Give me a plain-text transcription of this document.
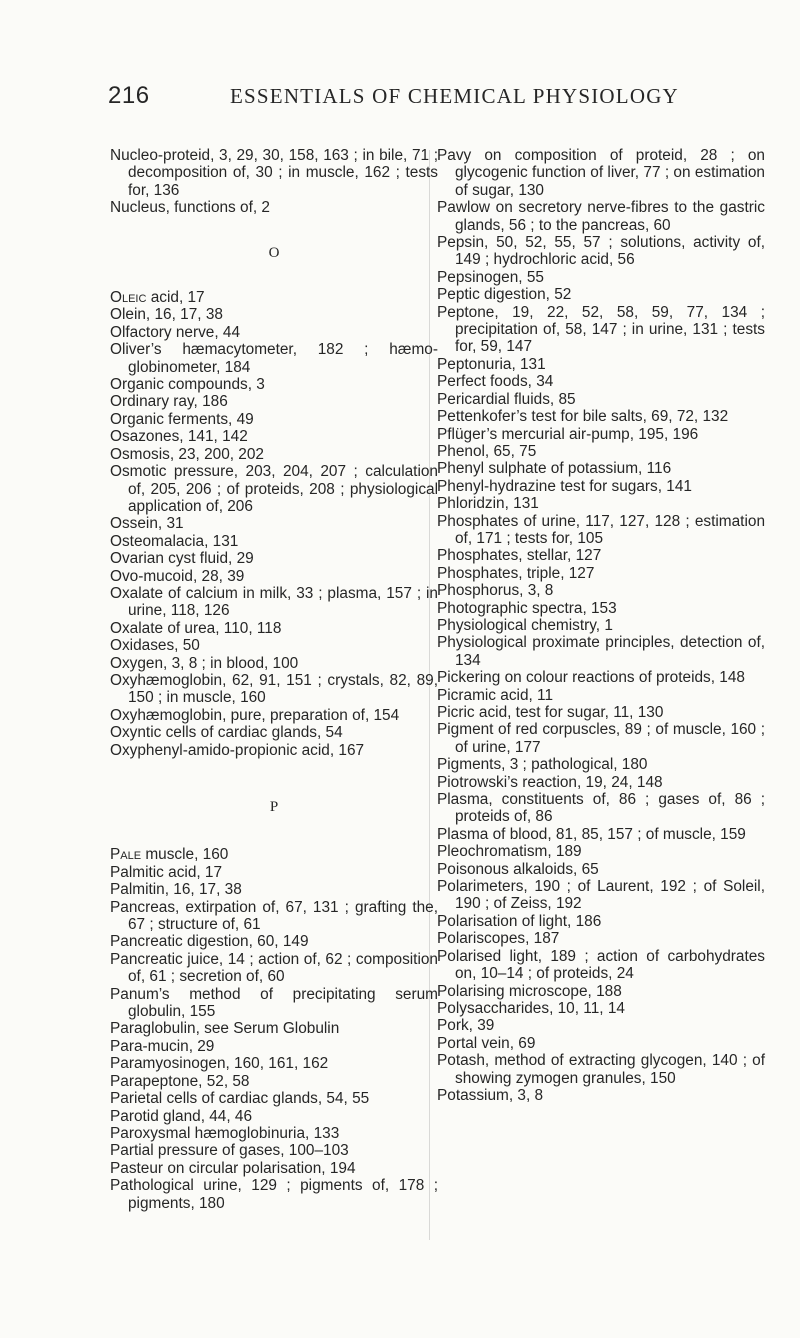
216	ESSENTIALS OF CHEMICAL PHYSIOLOGY
Nucleo-proteid, 3, 29, 30, 158, 163 ; in bile, 71 ; decomposition of, 30 ; in muscle, 162 ; tests for, 136
Nucleus, functions of, 2
O
Oleic acid, 17
Olein, 16, 17, 38
Olfactory nerve, 44
Oliver’s hæmacytometer, 182 ; hæmoglobinometer, 184
Organic compounds, 3
Ordinary ray, 186
Organic ferments, 49
Osazones, 141, 142
Osmosis, 23, 200, 202
Osmotic pressure, 203, 204, 207 ; calculation of, 205, 206 ; of proteids, 208 ; physiological application of, 206
Ossein, 31
Osteomalacia, 131
Ovarian cyst fluid, 29
Ovo-mucoid, 28, 39
Oxalate of calcium in milk, 33 ; plasma, 157 ; in urine, 118, 126
Oxalate of urea, 110, 118
Oxidases, 50
Oxygen, 3, 8 ; in blood, 100
Oxyhæmoglobin, 62, 91, 151 ; crystals, 82, 89, 150 ; in muscle, 160
Oxyhæmoglobin, pure, preparation of, 154
Oxyntic cells of cardiac glands, 54
Oxyphenyl-amido-propionic acid, 167
P
Pale muscle, 160
Palmitic acid, 17
Palmitin, 16, 17, 38
Pancreas, extirpation of, 67, 131 ; grafting the, 67 ; structure of, 61
Pancreatic digestion, 60, 149
Pancreatic juice, 14 ; action of, 62 ; composition of, 61 ; secretion of, 60
Panum’s method of precipitating serum globulin, 155
Paraglobulin, see Serum Globulin
Para-mucin, 29
Paramyosinogen, 160, 161, 162
Parapeptone, 52, 58
Parietal cells of cardiac glands, 54, 55
Parotid gland, 44, 46
Paroxysmal hæmoglobinuria, 133
Partial pressure of gases, 100–103
Pasteur on circular polarisation, 194
Pathological urine, 129 ; pigments of, 178 ; pigments, 180
Pavy on composition of proteid, 28 ; on glycogenic function of liver, 77 ; on estimation of sugar, 130
Pawlow on secretory nerve-fibres to the gastric glands, 56 ; to the pancreas, 60
Pepsin, 50, 52, 55, 57 ; solutions, activity of, 149 ; hydrochloric acid, 56
Pepsinogen, 55
Peptic digestion, 52
Peptone, 19, 22, 52, 58, 59, 77, 134 ; precipitation of, 58, 147 ; in urine, 131 ; tests for, 59, 147
Peptonuria, 131
Perfect foods, 34
Pericardial fluids, 85
Pettenkofer’s test for bile salts, 69, 72, 132
Pflüger’s mercurial air-pump, 195, 196
Phenol, 65, 75
Phenyl sulphate of potassium, 116
Phenyl-hydrazine test for sugars, 141
Phloridzin, 131
Phosphates of urine, 117, 127, 128 ; estimation of, 171 ; tests for, 105
Phosphates, stellar, 127
Phosphates, triple, 127
Phosphorus, 3, 8
Photographic spectra, 153
Physiological chemistry, 1
Physiological proximate principles, detection of, 134
Pickering on colour reactions of proteids, 148
Picramic acid, 11
Picric acid, test for sugar, 11, 130
Pigment of red corpuscles, 89 ; of muscle, 160 ; of urine, 177
Pigments, 3 ; pathological, 180
Piotrowski’s reaction, 19, 24, 148
Plasma, constituents of, 86 ; gases of, 86 ; proteids of, 86
Plasma of blood, 81, 85, 157 ; of muscle, 159
Pleochromatism, 189
Poisonous alkaloids, 65
Polarimeters, 190 ; of Laurent, 192 ; of Soleil, 190 ; of Zeiss, 192
Polarisation of light, 186
Polariscopes, 187
Polarised light, 189 ; action of carbohydrates on, 10–14 ; of proteids, 24
Polarising microscope, 188
Polysaccharides, 10, 11, 14
Pork, 39
Portal vein, 69
Potash, method of extracting glycogen, 140 ; of showing zymogen granules, 150
Potassium, 3, 8
